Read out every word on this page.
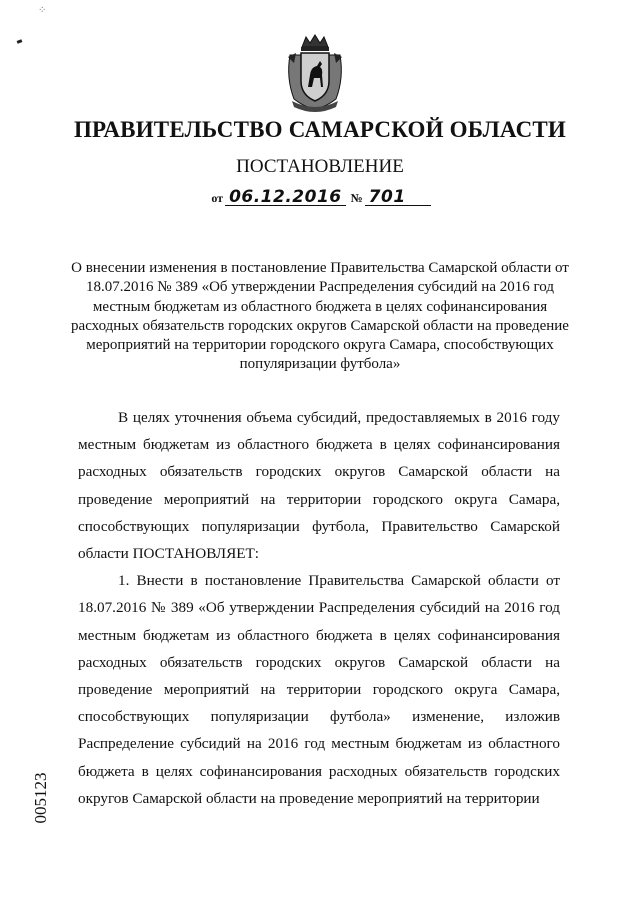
⁘
ПРАВИТЕЛЬСТВО САМАРСКОЙ ОБЛАСТИ
ПОСТАНОВЛЕНИЕ
от 06.12.2016 № 701
О внесении изменения в постановление Правительства Самарской области от 18.07.2016 № 389 «Об утверждении Распределения субсидий на 2016 год местным бюджетам из областного бюджета в целях софинансирования расходных обязательств городских округов Самарской области на проведение мероприятий на территории городского округа Самара, способствующих популяризации футбола»

В целях уточнения объема субсидий, предоставляемых в 2016 году местным бюджетам из областного бюджета в целях софинансирования расходных обязательств городских округов Самарской области на проведение мероприятий на территории городского округа Самара, способствующих популяризации футбола, Правительство Самарской области ПОСТАНОВЛЯЕТ:

1. Внести в постановление Правительства Самарской области от 18.07.2016 № 389 «Об утверждении Распределения субсидий на 2016 год местным бюджетам из областного бюджета в целях софинансирования расходных обязательств городских округов Самарской области на проведение мероприятий на территории городского округа Самара, способствующих популяризации футбола» изменение, изложив Распределение субсидий на 2016 год местным бюджетам из областного бюджета в целях софинансирования расходных обязательств городских округов Самарской области на проведение мероприятий на территории

005123
